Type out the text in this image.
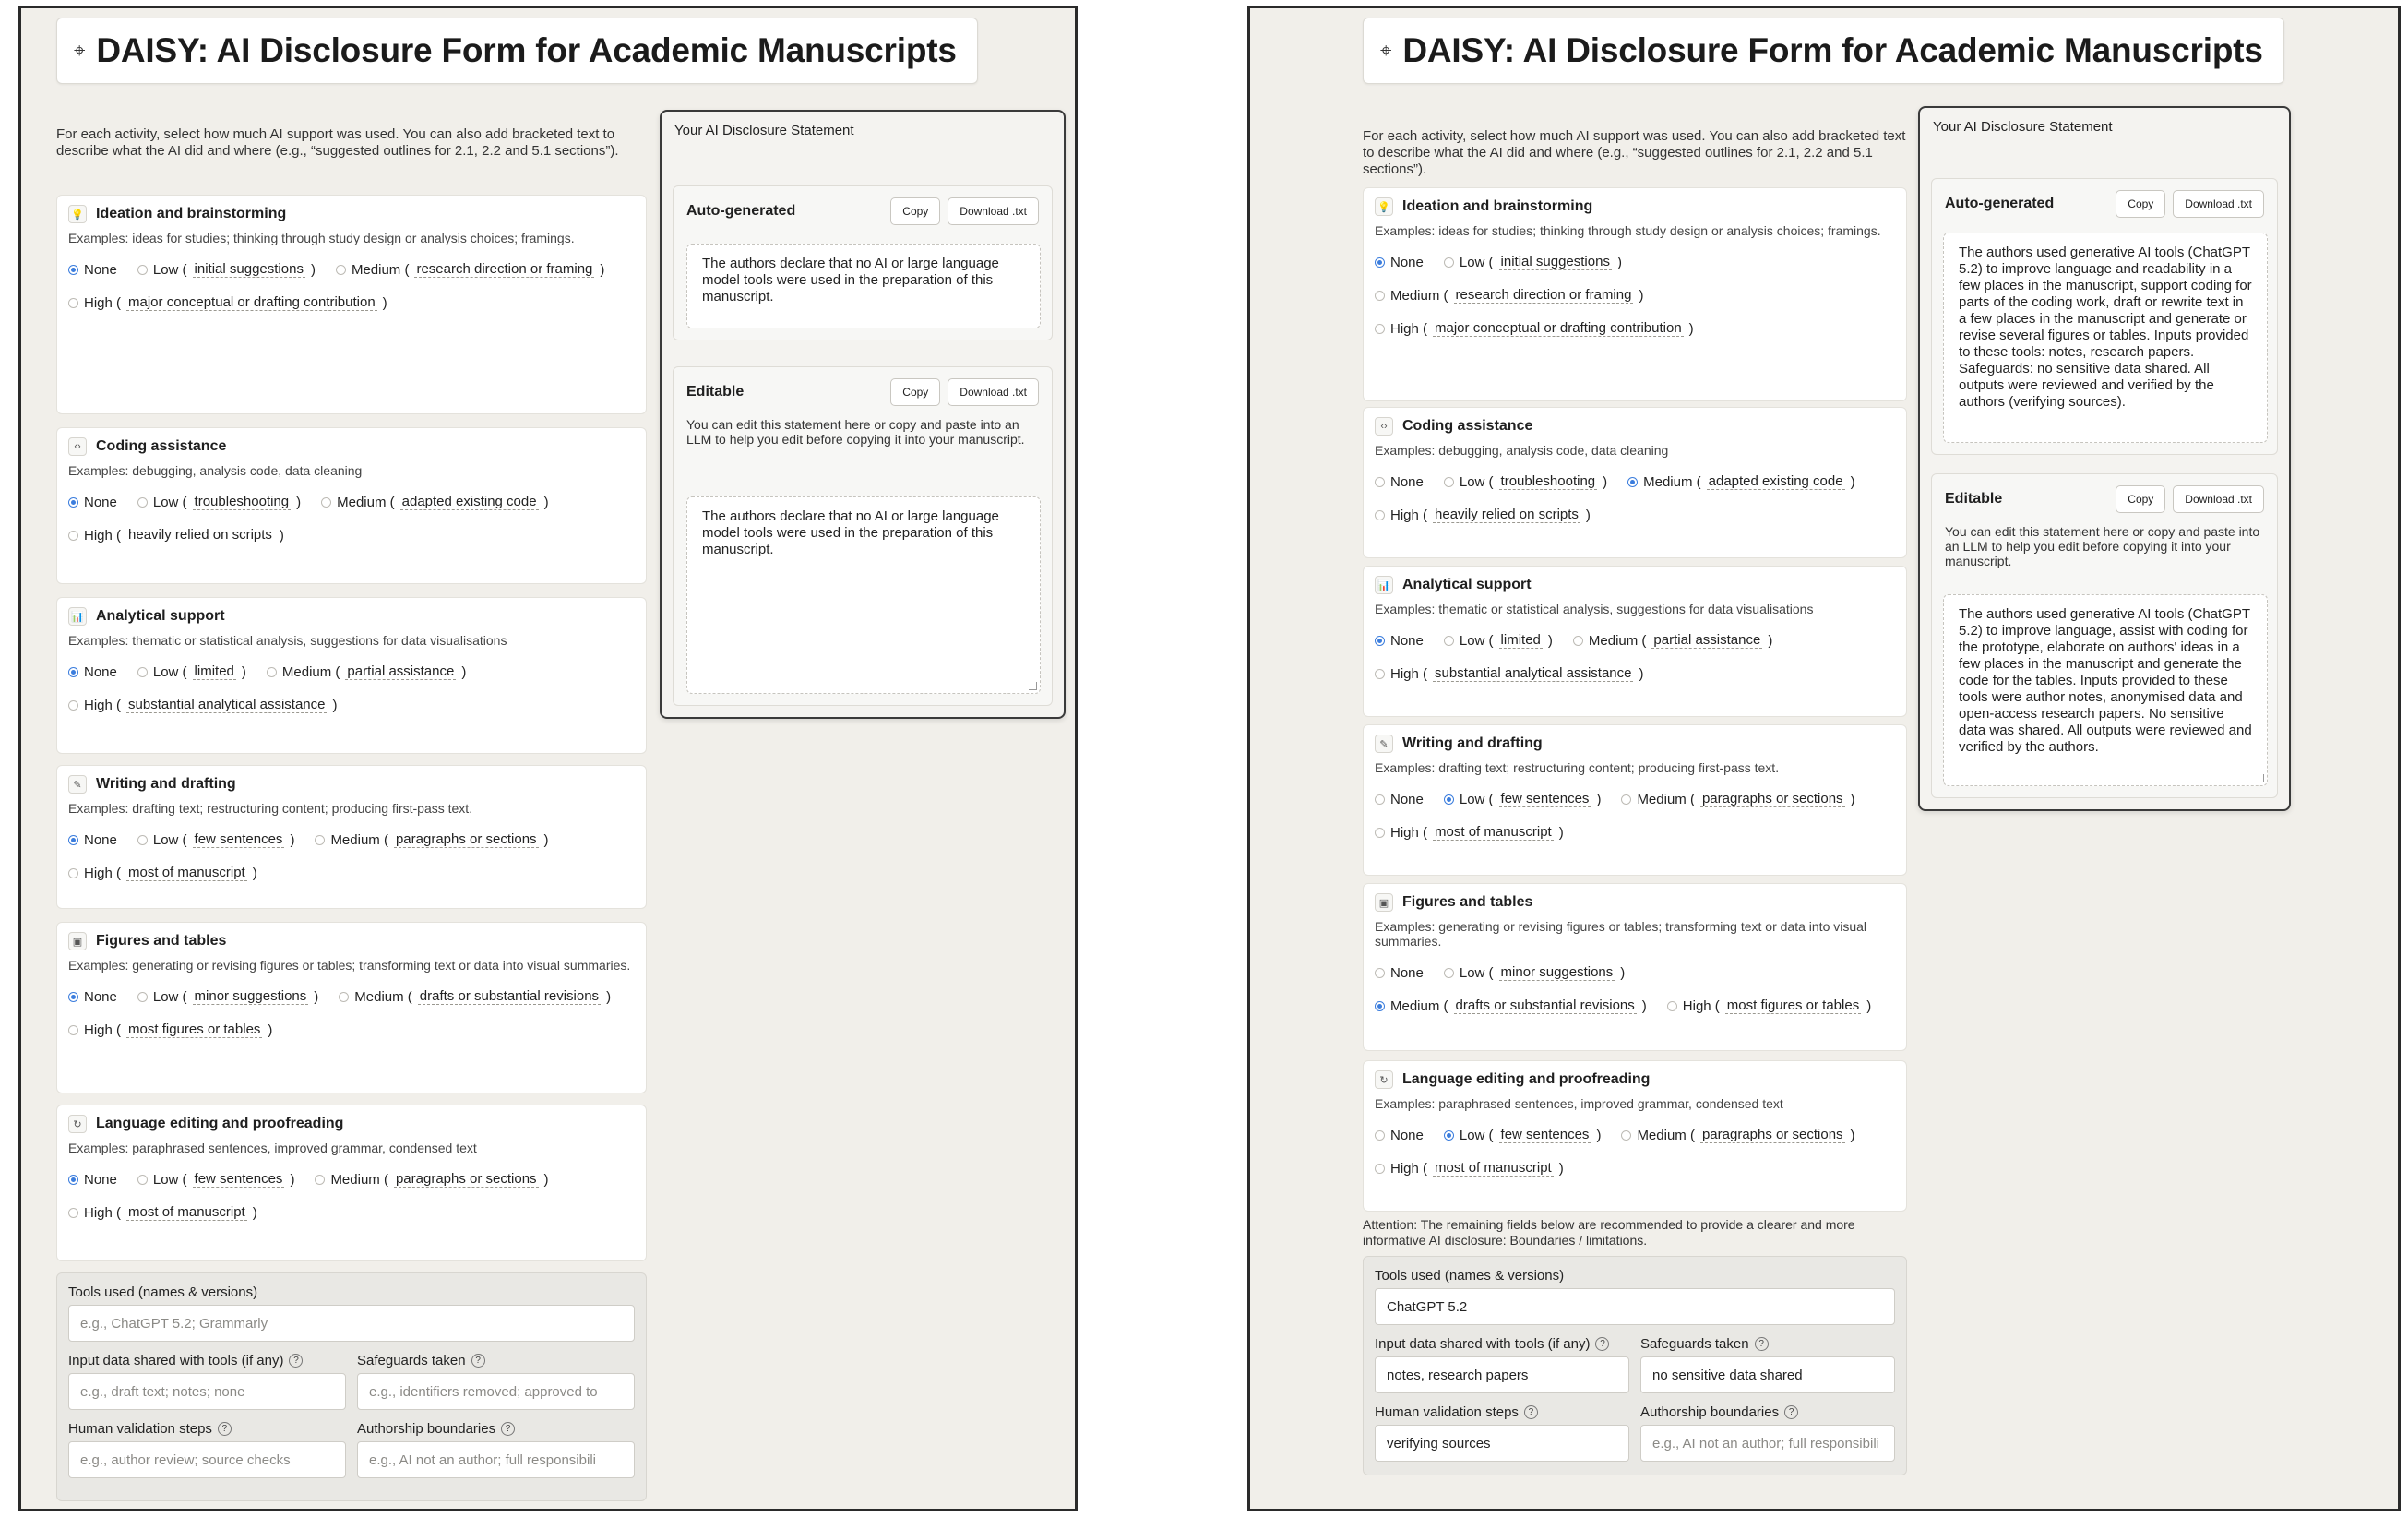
⌖ DAISY: AI Disclosure Form for Academic Manuscripts
For each activity, select how much AI support was used. You can also add bracketed text to describe what the AI did and where (e.g., “suggested outlines for 2.1, 2.2 and 5.1 sections”).
💡 Ideation and brainstorming
Examples: ideas for studies; thinking through study design or analysis choices; framings.
None	Low ( initial suggestions )	Medium ( research direction or framing )
High ( major conceptual or drafting contribution )
‹›	Coding assistance
Examples: debugging, analysis code, data cleaning
None	Low ( troubleshooting )	Medium ( adapted existing code )
High ( heavily relied on scripts )
📊 Analytical support
Examples: thematic or statistical analysis, suggestions for data visualisations
None	Low ( limited )	Medium ( partial assistance )
High ( substantial analytical assistance )
✎ Writing and drafting
Examples: drafting text; restructuring content; producing first-pass text.
None	Low ( few sentences )	Medium ( paragraphs or sections )
High ( most of manuscript )
▣ Figures and tables
Examples: generating or revising figures or tables; transforming text or data into visual summaries.
None	Low ( minor suggestions )	Medium ( drafts or substantial revisions )
High ( most figures or tables )
↻ Language editing and proofreading
Examples: paraphrased sentences, improved grammar, condensed text
None	Low ( few sentences )	Medium ( paragraphs or sections )
High ( most of manuscript )
Tools used (names & versions)
e.g., ChatGPT 5.2; Grammarly
Input data shared with tools (if any)	?
e.g., draft text; notes; none
Safeguards taken	?
e.g., identifiers removed; approved to
Human validation steps	?
e.g., author review; source checks
Authorship boundaries	?
e.g., AI not an author; full responsibili
Your AI Disclosure Statement
Auto-generated	Copy	Download .txt
The authors declare that no AI or large language model tools were used in the preparation of this manuscript.
Editable	Copy	Download .txt
You can edit this statement here or copy and paste into an LLM to help you edit before copying it into your manuscript.
The authors declare that no AI or large language model tools were used in the preparation of this manuscript.
⌖ DAISY: AI Disclosure Form for Academic Manuscripts
For each activity, select how much AI support was used. You can also add bracketed text to describe what the AI did and where (e.g., “suggested outlines for 2.1, 2.2 and 5.1 sections”).
💡 Ideation and brainstorming
Examples: ideas for studies; thinking through study design or analysis choices; framings.
None	Low ( initial suggestions )
Medium ( research direction or framing )
High ( major conceptual or drafting contribution )
‹›	Coding assistance
Examples: debugging, analysis code, data cleaning
None	Low ( troubleshooting )	Medium ( adapted existing code )
High ( heavily relied on scripts )
📊 Analytical support
Examples: thematic or statistical analysis, suggestions for data visualisations
None	Low ( limited )	Medium ( partial assistance )
High ( substantial analytical assistance )
✎ Writing and drafting
Examples: drafting text; restructuring content; producing first-pass text.
None	Low ( few sentences )	Medium ( paragraphs or sections )
High ( most of manuscript )
▣ Figures and tables
Examples: generating or revising figures or tables; transforming text or data into visual summaries.
None	Low ( minor suggestions )
Medium ( drafts or substantial revisions )	High ( most figures or tables )
↻ Language editing and proofreading
Examples: paraphrased sentences, improved grammar, condensed text
None	Low ( few sentences )	Medium ( paragraphs or sections )
High ( most of manuscript )
Attention: The remaining fields below are recommended to provide a clearer and more informative AI disclosure: Boundaries / limitations.
Tools used (names & versions)
ChatGPT 5.2
Input data shared with tools (if any)	?
notes, research papers
Safeguards taken	?
no sensitive data shared
Human validation steps	?
verifying sources
Authorship boundaries	?
e.g., AI not an author; full responsibili
Your AI Disclosure Statement
Auto-generated	Copy	Download .txt
The authors used generative AI tools (ChatGPT 5.2) to improve language and readability in a few places in the manuscript, support coding for parts of the coding work, draft or rewrite text in a few places in the manuscript and generate or revise several figures or tables. Inputs provided to these tools: notes, research papers. Safeguards: no sensitive data shared. All outputs were reviewed and verified by the authors (verifying sources).
Editable	Copy	Download .txt
You can edit this statement here or copy and paste into an LLM to help you edit before copying it into your manuscript.
The authors used generative AI tools (ChatGPT 5.2) to improve language, assist with coding for the prototype, elaborate on authors' ideas in a few places in the manuscript and generate the code for the tables. Inputs provided to these tools were author notes, anonymised data and open-access research papers. No sensitive data was shared. All outputs were reviewed and verified by the authors.
